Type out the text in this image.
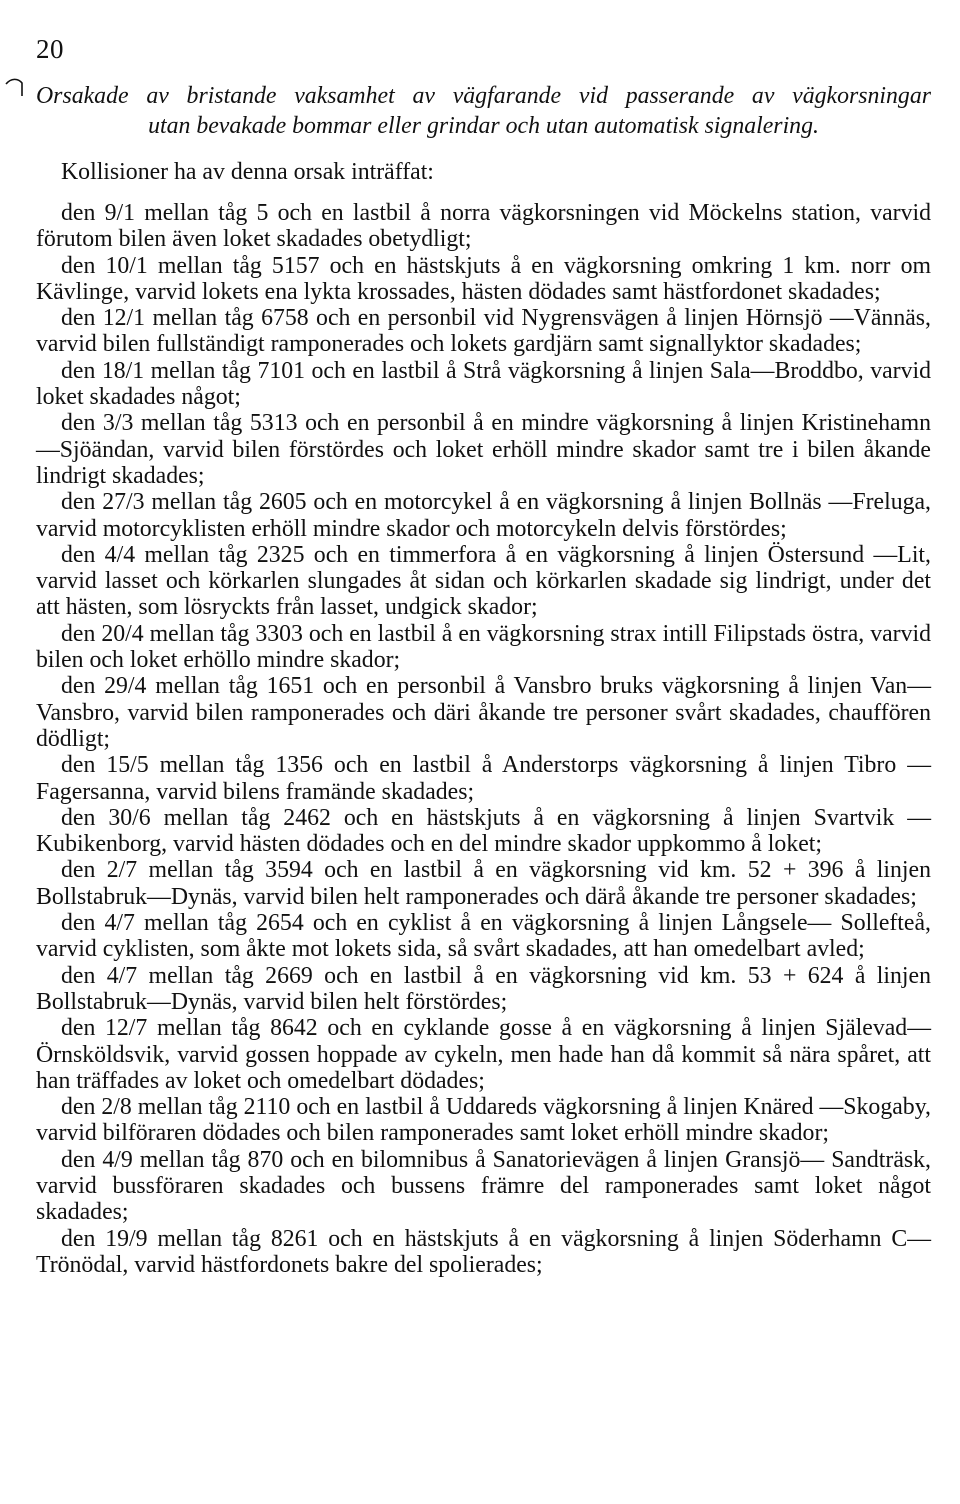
20
Orsakade av bristande vaksamhet av vägfarande vid passerande av vägkorsningar
utan bevakade bommar eller grindar och utan automatisk signalering.
Kollisioner ha av denna orsak inträffat:

den 9/1 mellan tåg 5 och en lastbil å norra vägkorsningen vid Möckelns station, varvid förutom bilen även loket skadades obetydligt;

den 10/1 mellan tåg 5157 och en hästskjuts å en vägkorsning omkring 1 km. norr om Kävlinge, varvid lokets ena lykta krossades, hästen dödades samt hästfordonet skadades;

den 12/1 mellan tåg 6758 och en personbil vid Nygrensvägen å linjen Hörnsjö —Vännäs, varvid bilen fullständigt ramponerades och lokets gardjärn samt signallyktor skadades;

den 18/1 mellan tåg 7101 och en lastbil å Strå vägkorsning å linjen Sala—Broddbo, varvid loket skadades något;

den 3/3 mellan tåg 5313 och en personbil å en mindre vägkorsning å linjen Kristinehamn—Sjöändan, varvid bilen förstördes och loket erhöll mindre skador samt tre i bilen åkande lindrigt skadades;

den 27/3 mellan tåg 2605 och en motorcykel å en vägkorsning å linjen Bollnäs —Freluga, varvid motorcyklisten erhöll mindre skador och motorcykeln delvis förstördes;

den 4/4 mellan tåg 2325 och en timmerfora å en vägkorsning å linjen Östersund —Lit, varvid lasset och körkarlen slungades åt sidan och körkarlen skadade sig lindrigt, under det att hästen, som lösryckts från lasset, undgick skador;

den 20/4 mellan tåg 3303 och en lastbil å en vägkorsning strax intill Filipstads östra, varvid bilen och loket erhöllo mindre skador;

den 29/4 mellan tåg 1651 och en personbil å Vansbro bruks vägkorsning å linjen Van—Vansbro, varvid bilen ramponerades och däri åkande tre personer svårt skadades, chauffören dödligt;

den 15/5 mellan tåg 1356 och en lastbil å Anderstorps vägkorsning å linjen Tibro —Fagersanna, varvid bilens framände skadades;

den 30/6 mellan tåg 2462 och en hästskjuts å en vägkorsning å linjen Svartvik —Kubikenborg, varvid hästen dödades och en del mindre skador uppkommo å loket;

den 2/7 mellan tåg 3594 och en lastbil å en vägkorsning vid km. 52 + 396 å linjen Bollstabruk—Dynäs, varvid bilen helt ramponerades och därå åkande tre personer skadades;

den 4/7 mellan tåg 2654 och en cyklist å en vägkorsning å linjen Långsele— Sollefteå, varvid cyklisten, som åkte mot lokets sida, så svårt skadades, att han omedelbart avled;

den 4/7 mellan tåg 2669 och en lastbil å en vägkorsning vid km. 53 + 624 å linjen Bollstabruk—Dynäs, varvid bilen helt förstördes;

den 12/7 mellan tåg 8642 och en cyklande gosse å en vägkorsning å linjen Själevad—Örnsköldsvik, varvid gossen hoppade av cykeln, men hade han då kommit så nära spåret, att han träffades av loket och omedelbart dödades;

den 2/8 mellan tåg 2110 och en lastbil å Uddareds vägkorsning å linjen Knäred —Skogaby, varvid bilföraren dödades och bilen ramponerades samt loket erhöll mindre skador;

den 4/9 mellan tåg 870 och en bilomnibus å Sanatorievägen å linjen Gransjö— Sandträsk, varvid bussföraren skadades och bussens främre del ramponerades samt loket något skadades;

den 19/9 mellan tåg 8261 och en hästskjuts å en vägkorsning å linjen Söderhamn C—Trönödal, varvid hästfordonets bakre del spolierades;
